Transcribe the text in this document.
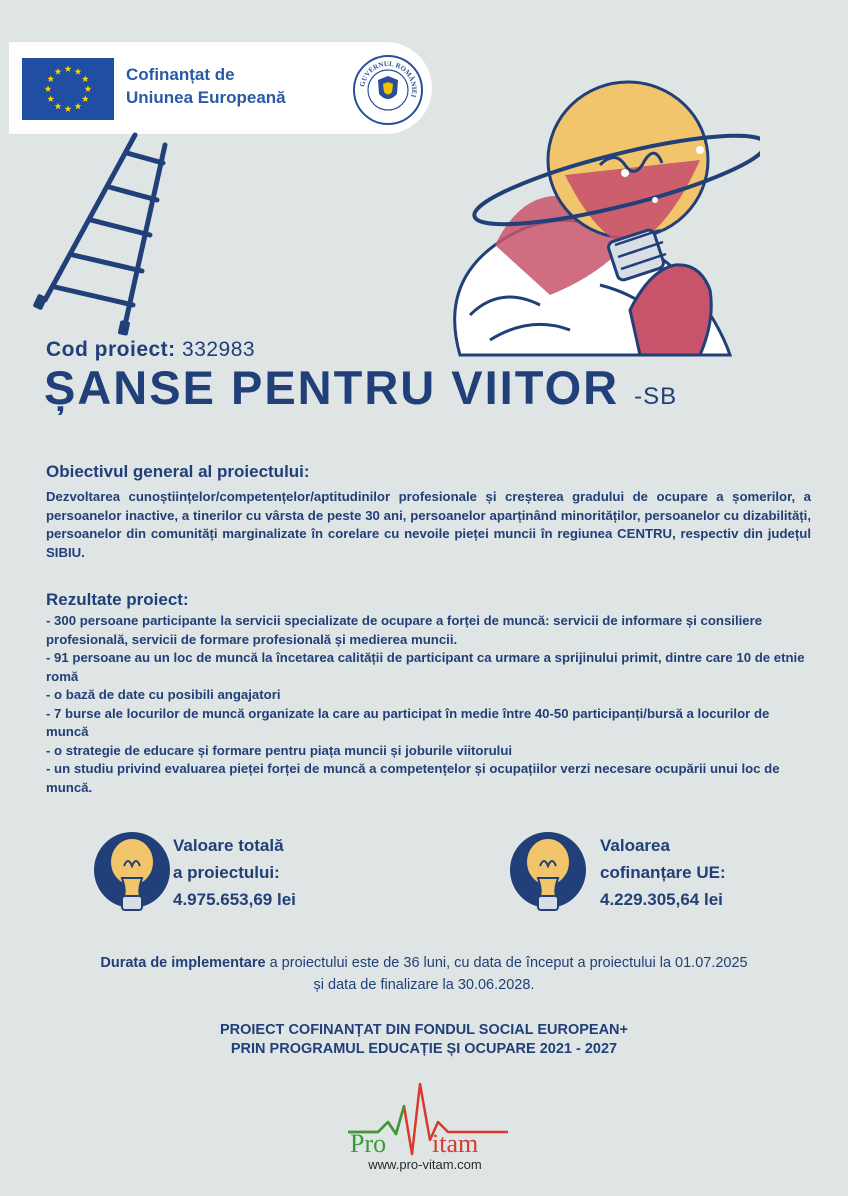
Cofinanțat de
Uniunea Europeană
GUVERNUL ROMÂNIEI
Cod proiect: 332983
ȘANSE PENTRU VIITOR -SB
Obiectivul general al proiectului:
Dezvoltarea cunoștiințelor/competențelor/aptitudinilor profesionale și creșterea gradului de ocupare a șomerilor, a persoanelor inactive, a tinerilor cu vârsta de peste 30 ani, persoanelor aparținând minorităților, persoanelor cu dizabilități, persoanelor din comunități marginalizate în corelare cu nevoile pieței muncii în regiunea CENTRU, respectiv din județul SIBIU.
Rezultate proiect:
- 300 persoane participante la servicii specializate de ocupare a forței de muncă: servicii de informare și consiliere profesională, servicii de formare profesională și medierea muncii.
- 91 persoane au un loc de muncă la încetarea calității de participant ca urmare a sprijinului primit, dintre care 10 de etnie romă
- o bază de date cu posibili angajatori
- 7 burse ale locurilor de muncă organizate la care au participat în medie între 40-50 participanți/bursă a locurilor de muncă
- o strategie de educare și formare pentru piața muncii și joburile viitorului
- un studiu privind evaluarea pieței forței de muncă a competențelor și ocupațiilor verzi necesare ocupării unui loc de muncă.
Valoare totală
a proiectului:
4.975.653,69 lei
Valoarea
cofinanțare UE:
4.229.305,64 lei
Durata de implementare a proiectului este de 36 luni, cu data de început a proiectului la 01.07.2025
și data de finalizare la 30.06.2028.
PROIECT COFINANȚAT DIN FONDUL SOCIAL EUROPEAN+
PRIN PROGRAMUL EDUCAȚIE ȘI OCUPARE 2021 - 2027
Pro itam
www.pro-vitam.com
